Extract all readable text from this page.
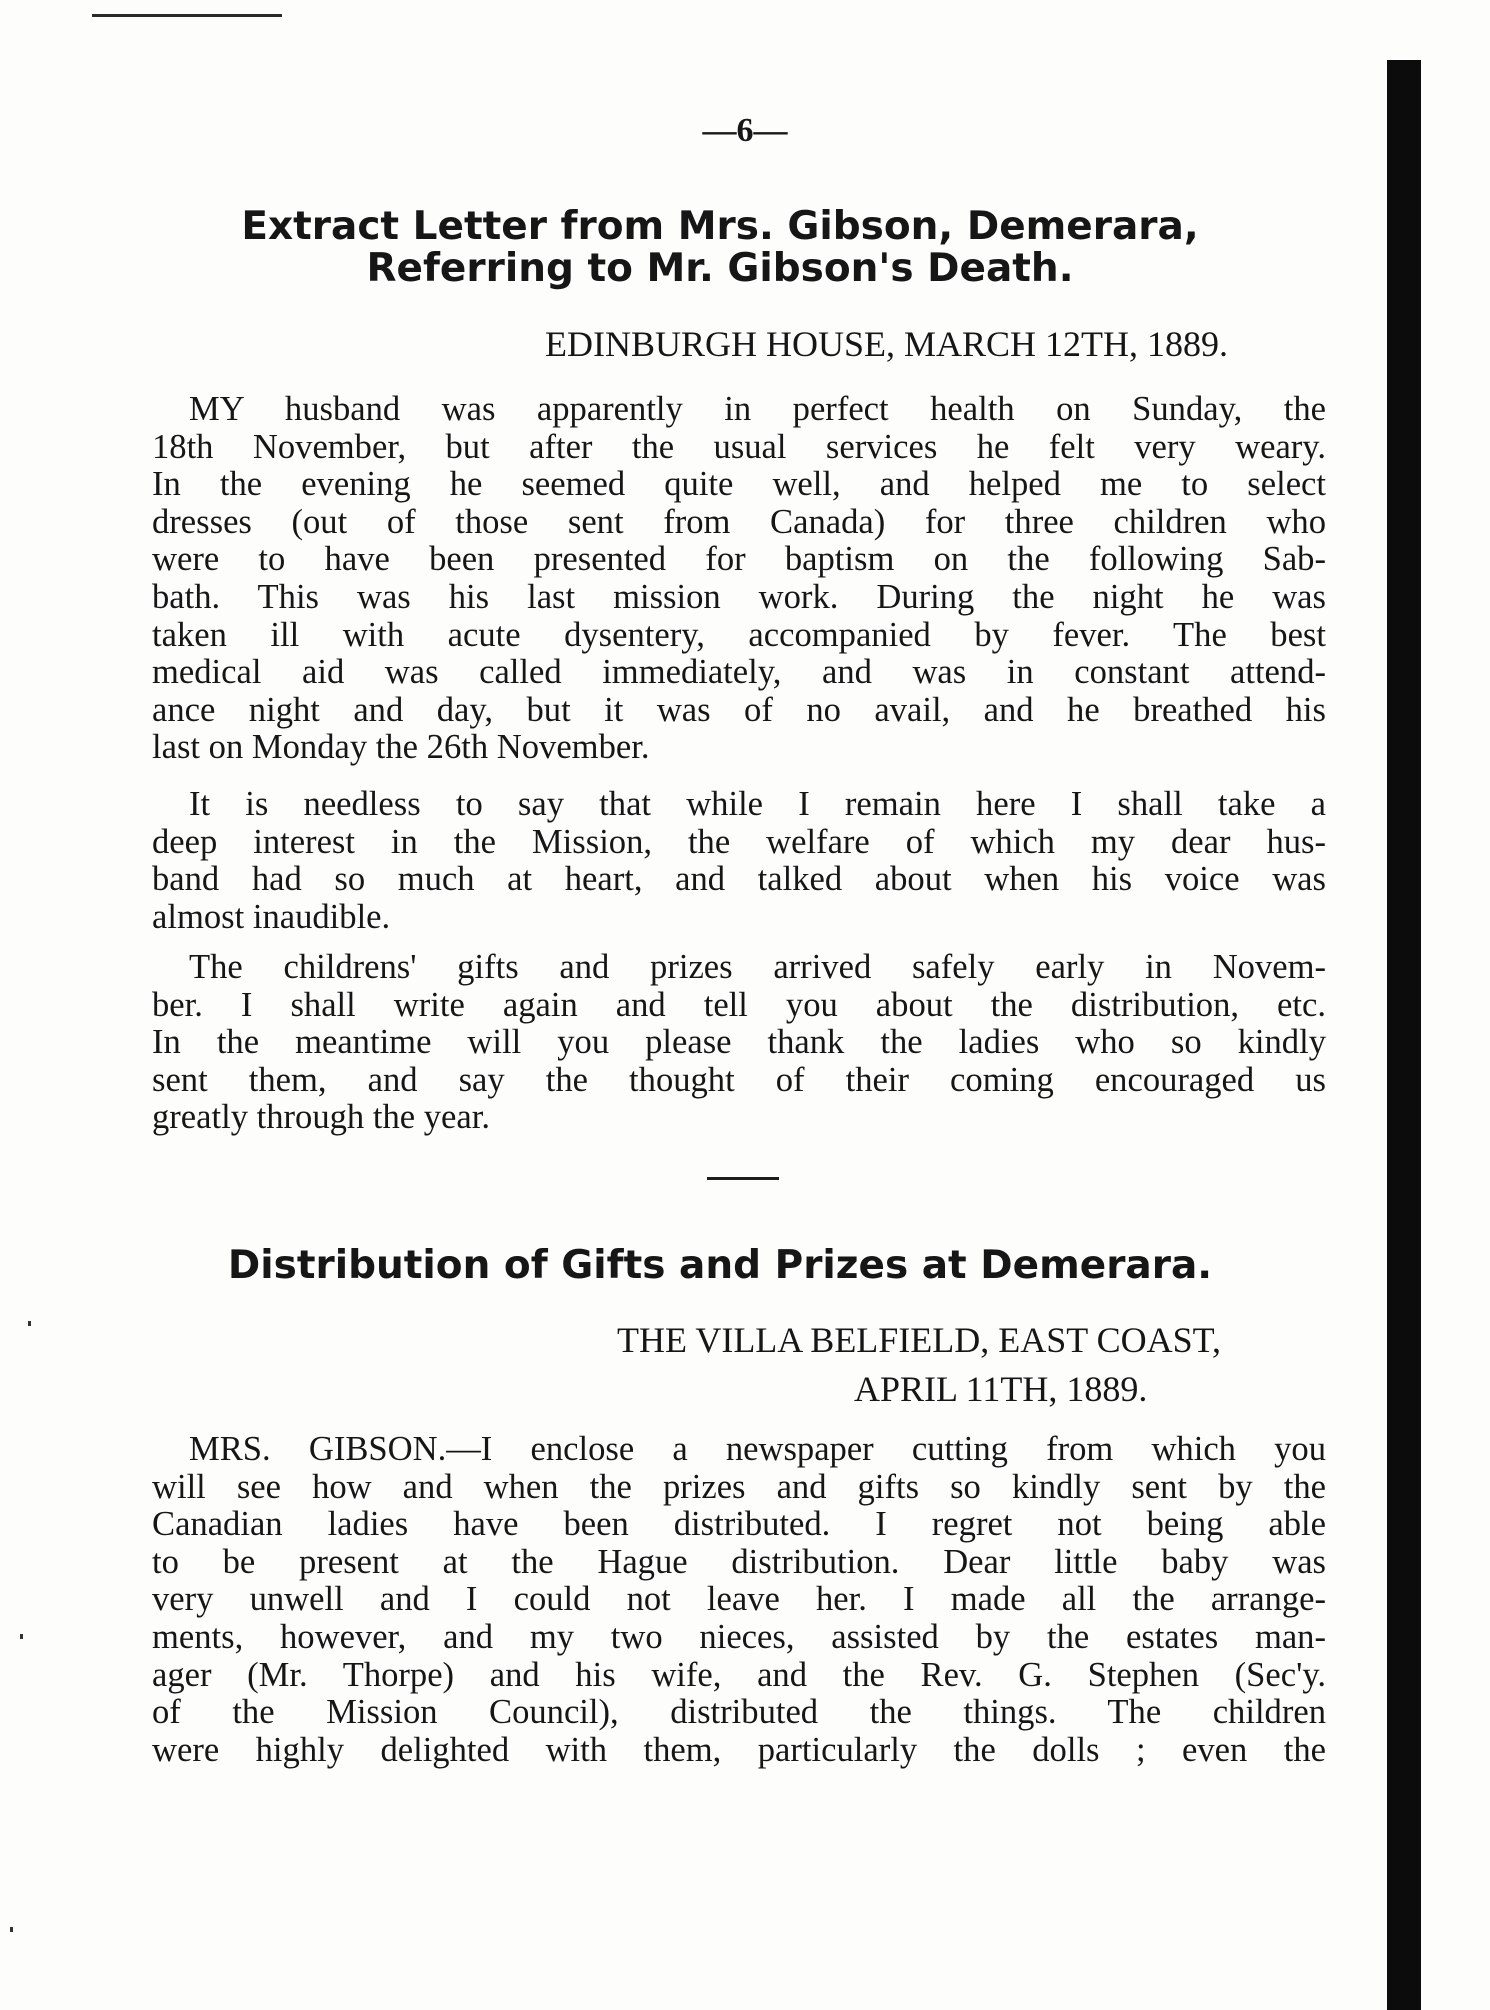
—6—
Extract Letter from Mrs. Gibson, Demerara,
Referring to Mr. Gibson's Death.
EDINBURGH HOUSE, MARCH 12TH, 1889.
MY husband was apparently in perfect health on Sunday, the
18th November, but after the usual services he felt very weary.
In the evening he seemed quite well, and helped me to select
dresses (out of those sent from Canada) for three children who
were to have been presented for baptism on the following Sab-
bath. This was his last mission work. During the night he was
taken ill with acute dysentery, accompanied by fever. The best
medical aid was called immediately, and was in constant attend-
ance night and day, but it was of no avail, and he breathed his
last on Monday the 26th November.
It is needless to say that while I remain here I shall take a
deep interest in the Mission, the welfare of which my dear hus-
band had so much at heart, and talked about when his voice was
almost inaudible.
The childrens' gifts and prizes arrived safely early in Novem-
ber. I shall write again and tell you about the distribution, etc.
In the meantime will you please thank the ladies who so kindly
sent them, and say the thought of their coming encouraged us
greatly through the year.
Distribution of Gifts and Prizes at Demerara.
THE VILLA BELFIELD, EAST COAST,
APRIL 11TH, 1889.
MRS. GIBSON.—I enclose a newspaper cutting from which you
will see how and when the prizes and gifts so kindly sent by the
Canadian ladies have been distributed. I regret not being able
to be present at the Hague distribution. Dear little baby was
very unwell and I could not leave her. I made all the arrange-
ments, however, and my two nieces, assisted by the estates man-
ager (Mr. Thorpe) and his wife, and the Rev. G. Stephen (Sec'y.
of the Mission Council), distributed the things. The children
were highly delighted with them, particularly the dolls ; even the
